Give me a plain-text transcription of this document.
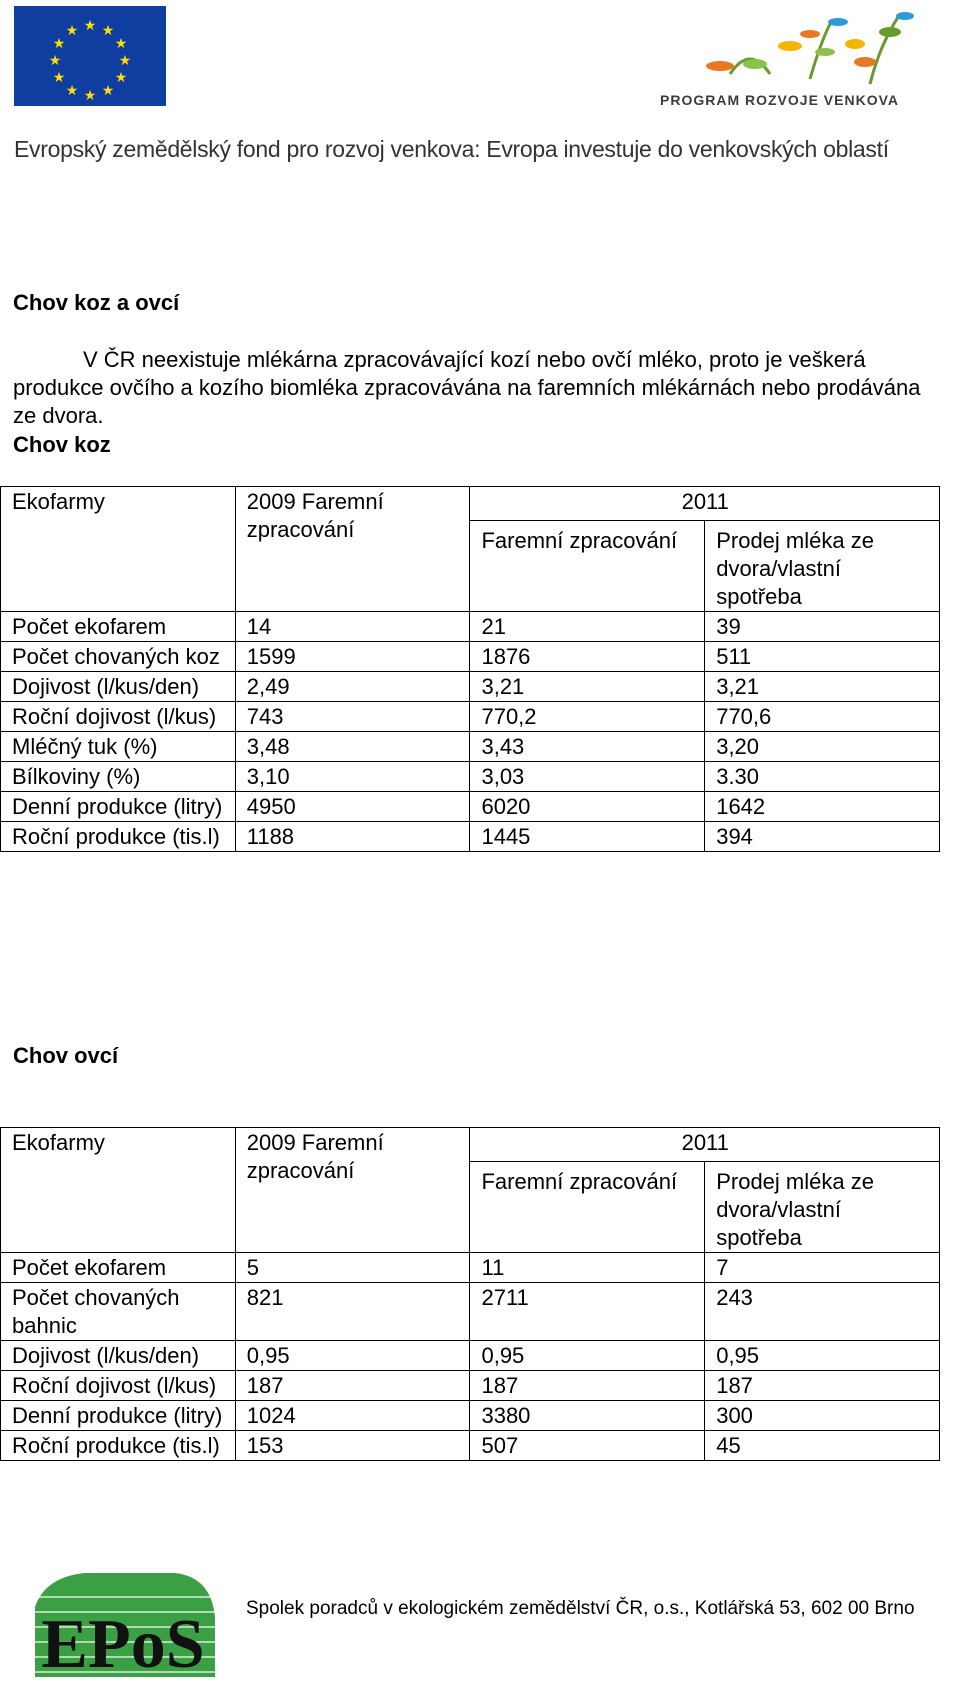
★ ★
★
★
★
★
★
★
★
★
★
★
PROGRAM ROZVOJE VENKOVA
Evropský zemědělský fond pro rozvoj venkova: Evropa investuje do venkovských oblastí
Chov koz a ovcí
V ČR neexistuje mlékárna zpracovávající kozí nebo ovčí mléko, proto je veškerá produkce ovčího a kozího biomléka zpracovávána na faremních mlékárnách nebo prodávána ze dvora.
Chov koz
Ekofarmy	2009 Faremní zpracování	2011	
		Faremní zpracování	Prodej mléka ze dvora/vlastní spotřeba
Počet ekofarem	14	21	39
Počet chovaných koz	1599	1876	511
Dojivost (l/kus/den)	2,49	3,21	3,21
Roční dojivost (l/kus)	743	770,2	770,6
Mléčný tuk (%)	3,48	3,43	3,20
Bílkoviny (%)	3,10	3,03	3.30
Denní produkce (litry)	4950	6020	1642
Roční produkce (tis.l)	1188	1445	394
Chov ovcí
Ekofarmy	2009 Faremní zpracování	2011	
		Faremní zpracování	Prodej mléka ze dvora/vlastní spotřeba
Počet ekofarem	5	11	7
Počet chovaných bahnic	821	2711	243
Dojivost (l/kus/den)	0,95	0,95	0,95
Roční dojivost (l/kus)	187	187	187
Denní produkce (litry)	1024	3380	300
Roční produkce (tis.l)	153	507	45
EPoS Spolek poradců v ekologickém zemědělství ČR, o.s., Kotlářská 53, 602 00 Brno
